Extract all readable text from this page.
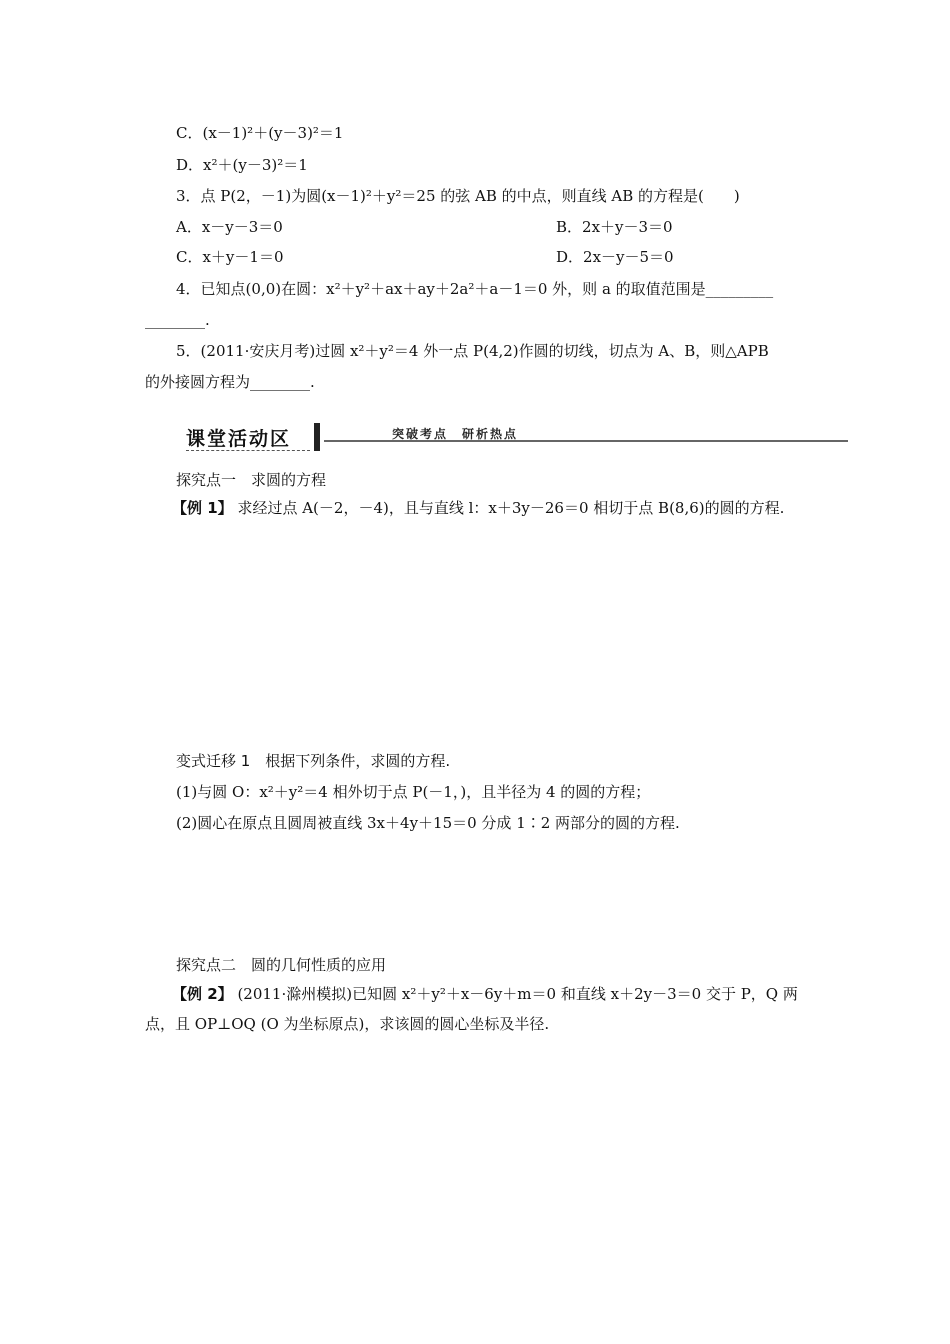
C．(x－1)²＋(y－3)²＝1
D．x²＋(y－3)²＝1
3．点 P(2，－1)为圆(x－1)²＋y²＝25 的弦 AB 的中点，则直线 AB 的方程是(　　)
A．x－y－3＝0	B．2x＋y－3＝0
C．x＋y－1＝0	D．2x－y－5＝0
4．已知点(0,0)在圆：x²＋y²＋ax＋ay＋2a²＋a－1＝0 外，则 a 的取值范围是_________
________.
5．(2011·安庆月考)过圆 x²＋y²＝4 外一点 P(4,2)作圆的切线，切点为 A、B，则△APB
的外接圆方程为________.
课堂活动区	突破考点　研析热点
探究点一　求圆的方程
【例 1】 求经过点 A(－2，－4)，且与直线 l：x＋3y－26＝0 相切于点 B(8,6)的圆的方程.
变式迁移 1　根据下列条件，求圆的方程.
(1)与圆 O：x²＋y²＝4 相外切于点 P(－1，)，且半径为 4 的圆的方程；
(2)圆心在原点且圆周被直线 3x＋4y＋15＝0 分成 1∶2 两部分的圆的方程.
探究点二　圆的几何性质的应用
【例 2】 (2011·滁州模拟)已知圆 x²＋y²＋x－6y＋m＝0 和直线 x＋2y－3＝0 交于 P，Q 两
点，且 OP⊥OQ (O 为坐标原点)，求该圆的圆心坐标及半径.
